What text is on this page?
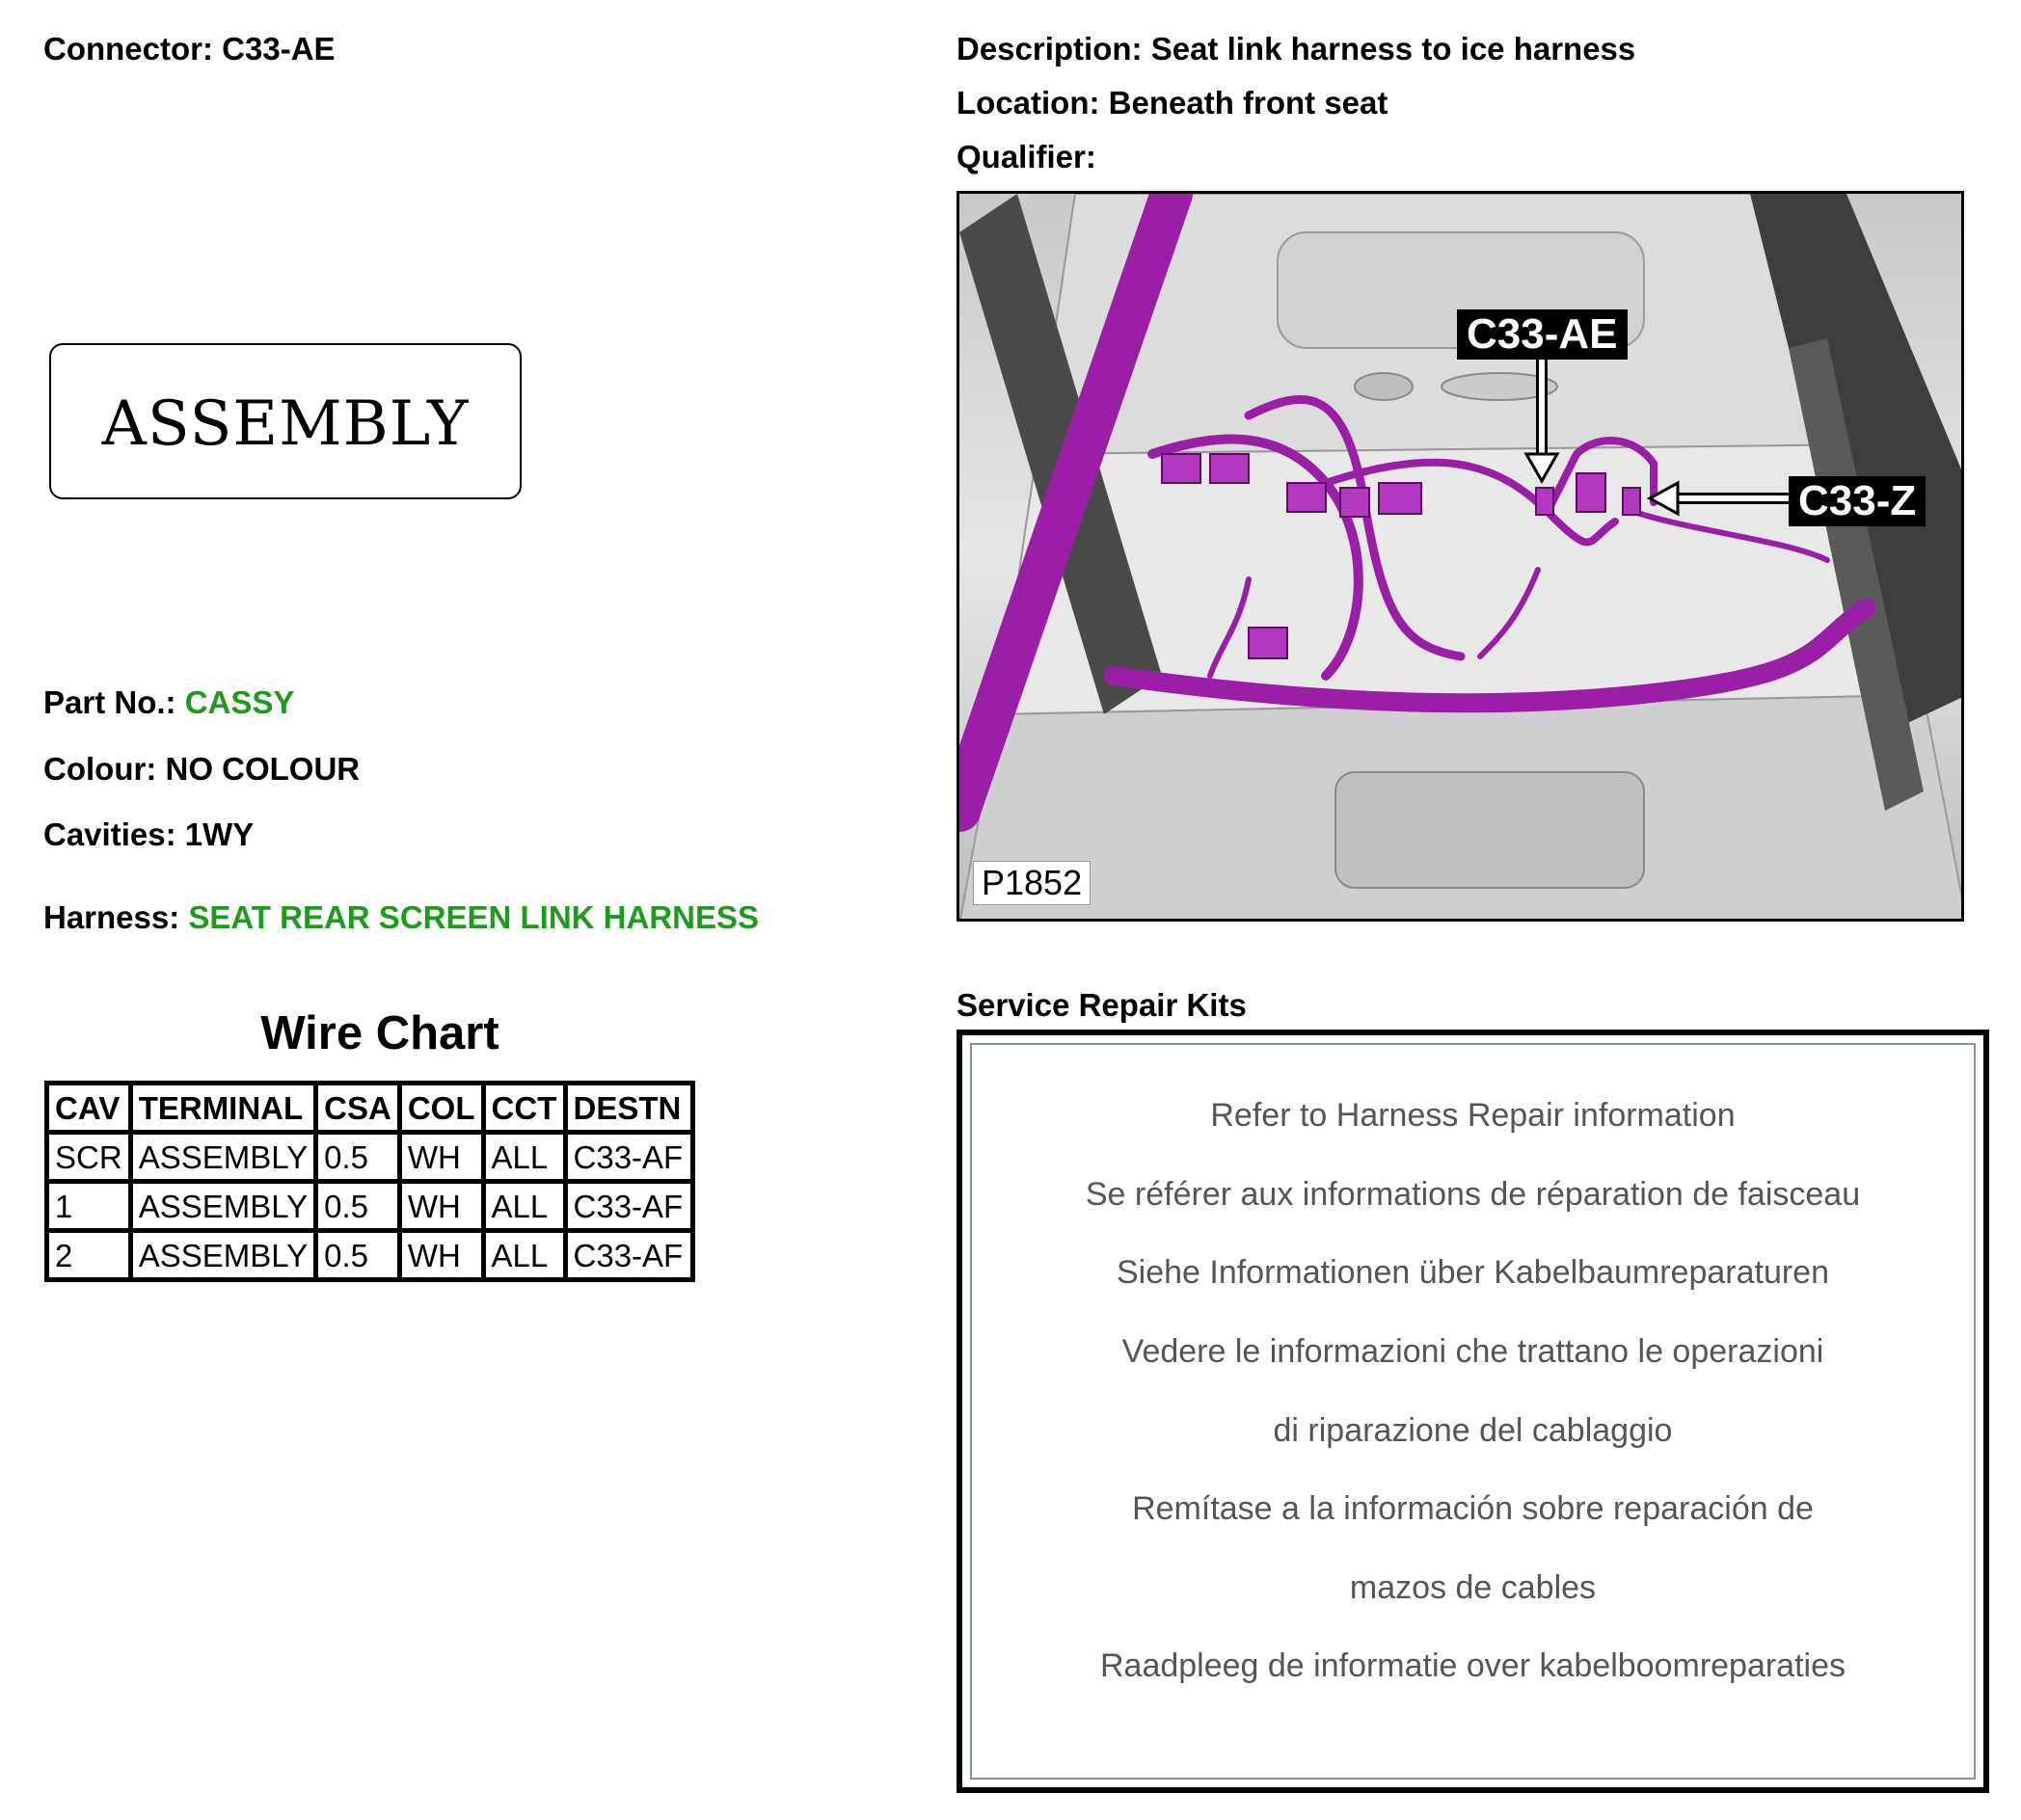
Connector: C33-AE
ASSEMBLY
Part No.: CASSY
Colour: NO COLOUR
Cavities: 1WY
Harness: SEAT REAR SCREEN LINK HARNESS
Wire Chart
CAV	TERMINAL	CSA	COL	CCT	DESTN
SCR	ASSEMBLY	0.5	WH	ALL	C33-AF
1	ASSEMBLY	0.5	WH	ALL	C33-AF
2	ASSEMBLY	0.5	WH	ALL	C33-AF
Description: Seat link harness to ice harness
Location: Beneath front seat
Qualifier:
C33-AE
C33-Z
P1852
Service Repair Kits
Refer to Harness Repair information
Se référer aux informations de réparation de faisceau
Siehe Informationen über Kabelbaumreparaturen
Vedere le informazioni che trattano le operazioni
di riparazione del cablaggio
Remítase a la información sobre reparación de
mazos de cables
Raadpleeg de informatie over kabelboomreparaties
